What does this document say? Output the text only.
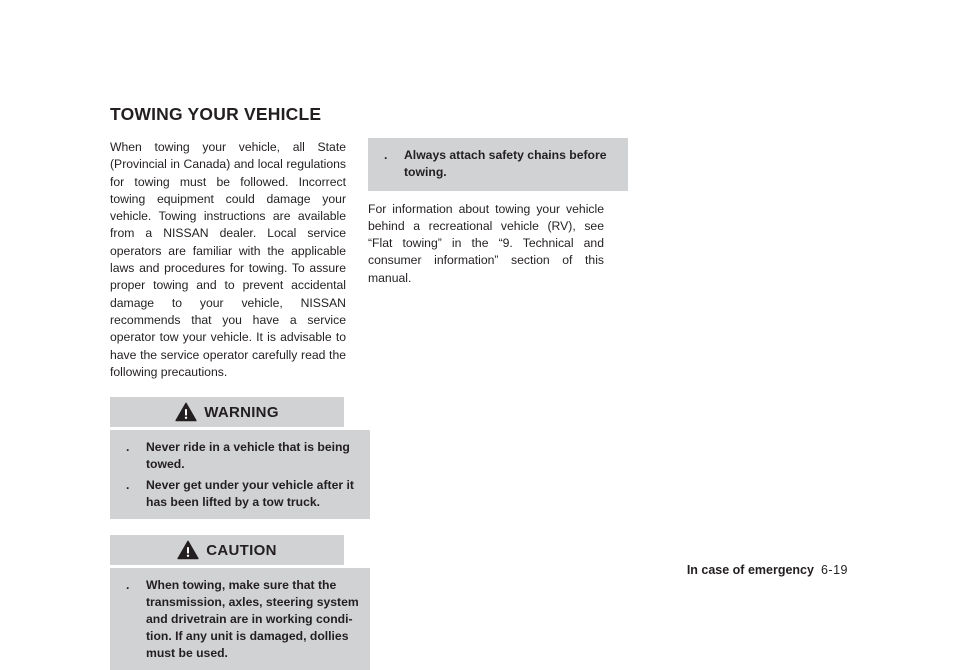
TOWING YOUR VEHICLE

When towing your vehicle, all State (Provincial in Canada) and local regulations for towing must be followed. Incorrect towing equipment could damage your vehicle. Towing instructions are available from a NISSAN dealer. Local service operators are familiar with the applicable laws and procedures for towing. To assure proper towing and to prevent accidental damage to your vehicle, NISSAN recommends that you have a service operator tow your vehicle. It is advisable to have the service operator carefully read the following precautions.

WARNING
.	Never ride in a vehicle that is being towed.
.	Never get under your vehicle after it has been lifted by a tow truck.
CAUTION
.	When towing, make sure that the transmission, axles, steering system and drivetrain are in working condi- tion. If any unit is damaged, dollies must be used.
.	Always attach safety chains before towing.

For information about towing your vehicle behind a recreational vehicle (RV), see “Flat towing” in the “9. Technical and consumer information” section of this manual.

In case of emergency 6-19
